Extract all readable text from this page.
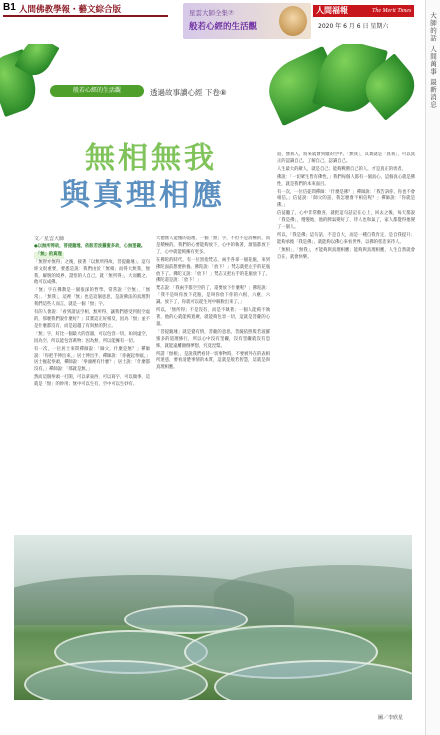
B1 人間佛教學報・藝文綜合版	星雲大師全集⑦
般若心經的生活觀
人間福報	The Merit Times
2020 年 6 月 6 日 星期六	大師的話 人間萬事 最新消息
般若心經的生活觀	透過故事讀心經 下卷⑧
無相無我
與真理相應

文／星雲大師

●以無所得故，菩提薩埵，依般若波羅蜜多故，心無罣礙。

「無」的真理

「無智亦無得」之後，接著「以無所得故，菩提薩埵」。這句經文很重要，要悉是說：我們由於「無相」而得大無我，無我，解脫的境界，證悟的人自己，就「無所得」，大而觀之，他可以成佛。

「無」字在佛教是一個很深的哲學。常常說「空無」、「無常」、「無我」，這裡「無」也是這個意思，是說佛法的真理對我們這些人而言，就是一個「無」字。

有的人會說：「看到諸法空相，無所得，讓我們感受到很空虛的，那麼我們說什麼好？」其實這正好相反，因為「無」並不是什麼都沒有，而是超越了有與無的對立。

「無」字，好比一個最大的容器，可以包容一切，如同虛空，因為空，所以能包容萬物；因為無，所以能擁有一切。

有一次，一位居士來問禪師說：「師父，什麼是無？」禪師說：「你把手伸出來。」居士伸出手，禪師說：「你握起拳頭。」居士握起拳頭，禪師說：「拳頭裡有什麼？」居士說：「什麼都沒有。」禪師說：「那就是無。」

然而這個拳頭一打開，可以拿東西、可以寫字、可以做事，這就是「無」的妙用；無中可以生有，空中可以生妙有。

大德無人能懂的道理，一個「無」字，不但不是消極的，而是積極的。我們的心要能夠放下，心中的執著、煩惱都放下了，心中就能夠擁有更多。

在佛陀的時代，有一位黑指梵志，兩手各拿一個花瓶，來到佛陀面前想要供養。佛陀說：「放下！」梵志就把左手的花瓶放下了。佛陀又說：「放下！」梵志又把右手的花瓶放下了。佛陀還是說：「放下！」

梵志說：「我兩手都空空的了，還要放下什麼呢？」佛陀說：「我不是叫你放下花瓶，是叫你放下你的六根、六塵、六識。放下了，你就可以從生死中解脫出來了。」

所以，「無所得」不是沒有，而是不執著；一個人能夠不執著，他的心就能夠寬廣，就能夠包容一切，這就是菩薩的心量。

「菩提薩埵」就是覺有情，菩薩的意思。菩薩依照般若波羅蜜多的道理修行，所以心中沒有罣礙，沒有罣礙就沒有恐怖，就能遠離顛倒夢想，究竟涅槃。

所謂「無相」，是說我們看待一切事物時，不要被外在的表相所迷惑，要看清楚事情的本質，這就是般若智慧，這就是與真理相應。

道，無我人，將來就會到頭的空中。「無我」，其實就是「真我」，可以真正的認識自己，了解自己，認識自己。

人生最大的敵人，就是自己；能夠戰勝自己的人，才是真正的勇者。

佛說：「一切眾生皆有佛性。」我們每個人都有一個真心，這個真心就是佛性，就是我們的本來面目。

有一次，一位信徒問禪師：「什麼是佛？」禪師說：「我告訴你，你也不會相信。」信徒說：「師父的話，我怎麼會不相信呢？」禪師說：「你就是佛。」

信徒聽了，心中非常歡喜，就把這句話記在心上，回去之後，每天都說「我是佛」，慢慢地，他的脾氣變好了，待人也和氣了，家人都覺得他變了一個人。

所以，「我是佛」這句話，不是自大，而是一種自我肯定，是自我提升；能夠承擔「我是佛」，就能夠以佛心來看世界，以佛的慈悲來待人。

「無相」、「無我」，才能夠與真理相應；能夠與真理相應，人生自然就會自在，就會快樂。

圖／李欣星
